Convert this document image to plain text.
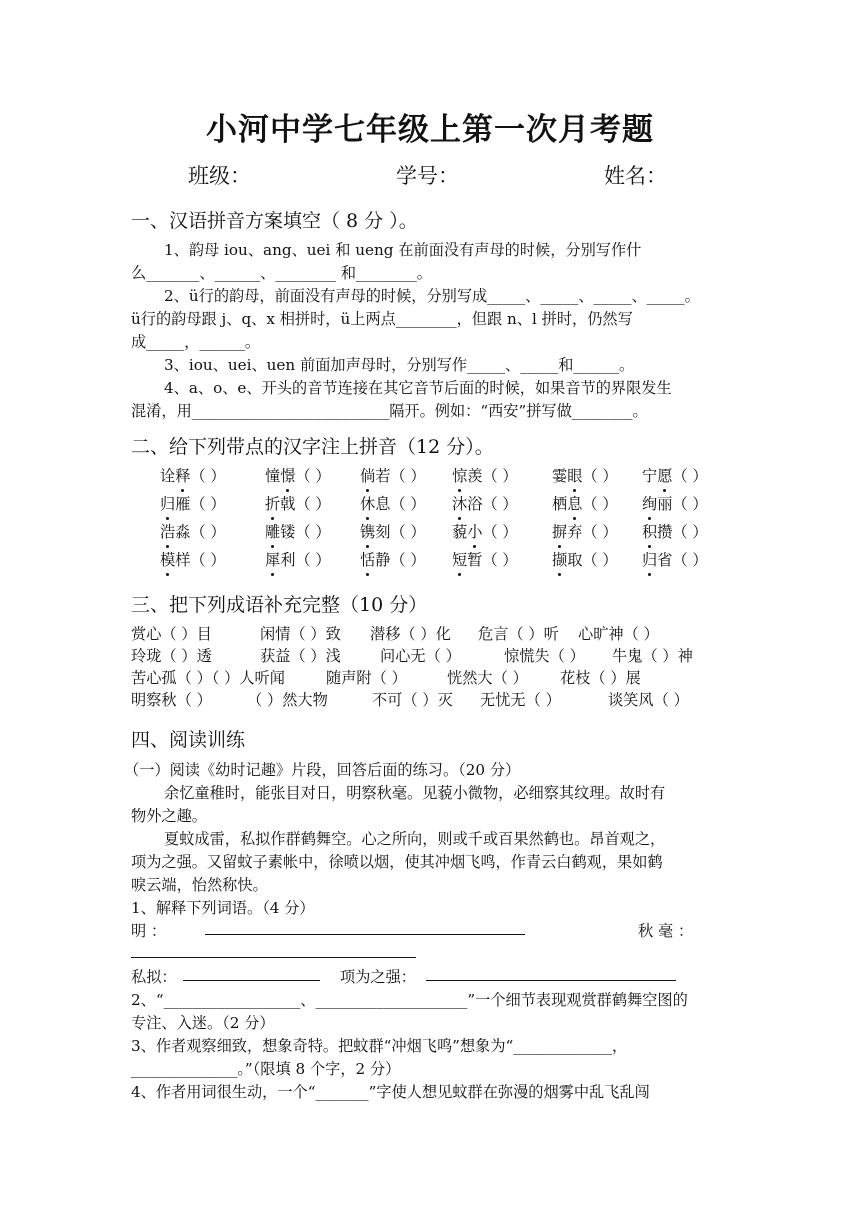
小河中学七年级上第一次月考题
班级：	学号：	姓名：
一、汉语拼音方案填空（ 8 分 ）。
1、韵母 iou、ang、uei 和 ueng 在前面没有声母的时候，分别写作什
么_______、______、________ 和________。
2、ü行的韵母，前面没有声母的时候，分别写成_____、_____、_____、_____。
ü行的韵母跟 j、q、x 相拼时，ü上两点________，但跟 n、l 拼时，仍然写
成_____，______。
3、iou、uei、uen 前面加声母时，分别写作_____、_____和______。
4、a、o、e、开头的音节连接在其它音节后面的时候，如果音节的界限发生
混淆，用__________________________隔开。例如：“西安”拼写做________。
二、给下列带点的汉字注上拼音（12 分）。
诠释（ ）	憧憬（ ） 倘若（ ） 惊羡（ ） 霎眼（ ） 宁愿（ ）
归雁（ ）	折戟（ ） 休息（ ） 沐浴（ ） 栖息（ ） 绚丽（ ）
浩淼（ ）	雕镂（ ） 镌刻（ ） 藐小（ ） 摒弃（ ） 积攒（ ）
模样（ ）	犀利（ ） 恬静（ ） 短暂（ ） 撷取（ ） 归省（ ）
三、把下列成语补充完整（10 分）
赏心（ ）目	闲情（ ）致 潜移（ ）化 危言（ ）听 心旷神（ ）
玲珑（ ）透	获益（ ）浅	问心无（ ）	惊慌失（ ） 牛鬼（ ）神
苦心孤（ ）（ ）人听闻	随声附（ ）	恍然大（ ） 花枝（ ）展
明察秋（ ） （ ）然大物	不可（ ）灭 无忧无（ ）	谈笑风（ ）
四、阅读训练
（一）阅读《幼时记趣》片段，回答后面的练习。（20 分）
余忆童稚时，能张目对日，明察秋毫。见藐小微物，必细察其纹理。故时有
物外之趣。
夏蚊成雷，私拟作群鹤舞空。心之所向，则或千或百果然鹤也。昂首观之，
项为之强。又留蚊子素帐中，徐喷以烟，使其冲烟飞鸣，作青云白鹤观，果如鹤
唳云端，怡然称快。
1、解释下列词语。（4 分）
明 ：	秋 毫 ：
私拟：	项为之强：
2、“__________________、____________________”一个细节表现观赏群鹤舞空图的
专注、入迷。（2 分）
3、作者观察细致，想象奇特。把蚊群“冲烟飞鸣”想象为“_____________，
______________。”（限填 8 个字，2 分）
4、作者用词很生动，一个“_______”字使人想见蚊群在弥漫的烟雾中乱飞乱闯
